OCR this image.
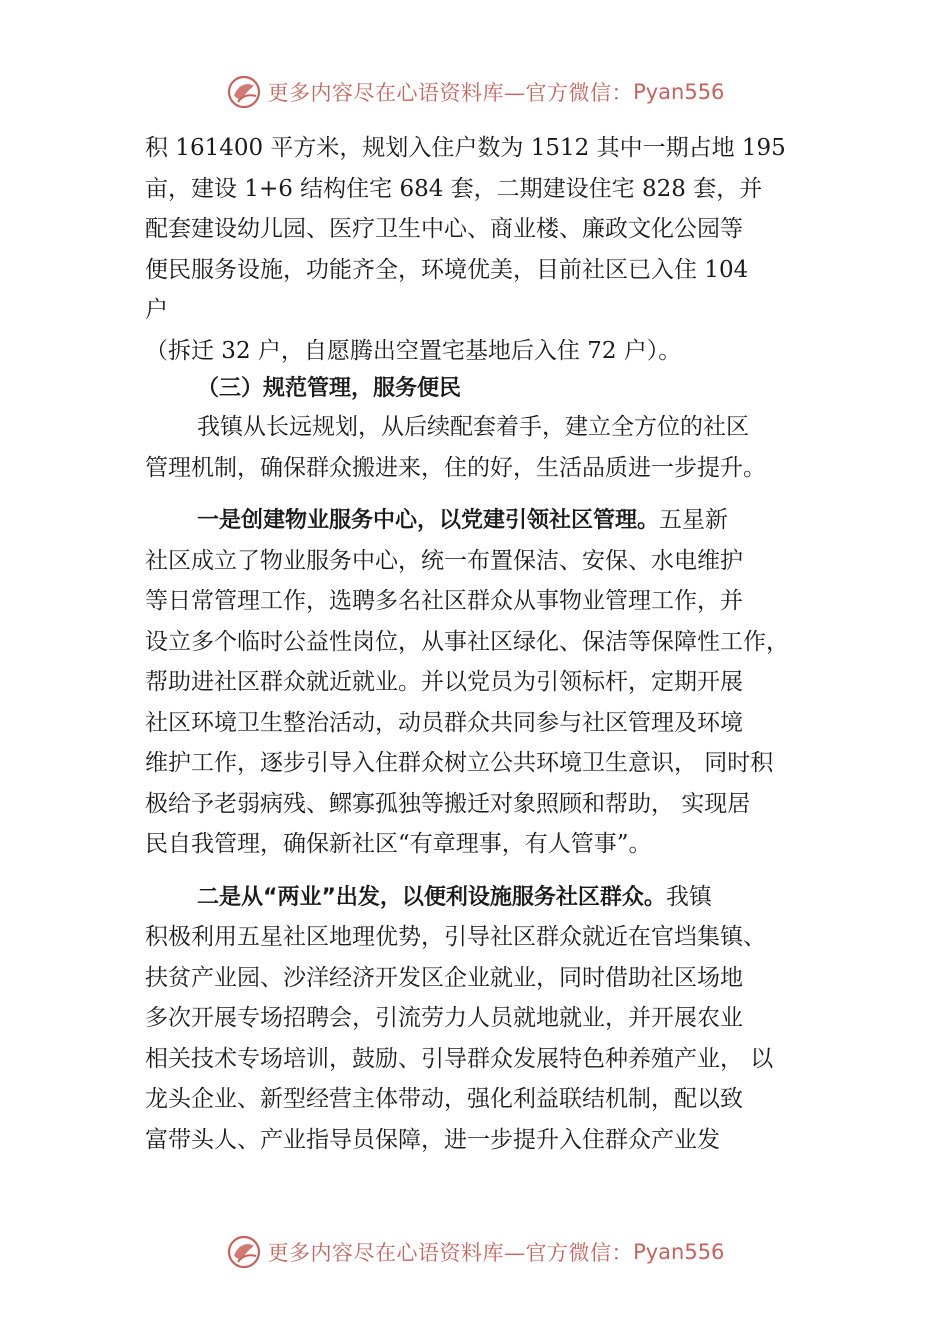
更多内容尽在心语资料库—官方微信： Pyan556
积 161400 平方米，规划入住户数为 1512 其中一期占地 195
亩，建设 1+6 结构住宅 684 套，二期建设住宅 828 套，并
配套建设幼儿园、医疗卫生中心、商业楼、廉政文化公园等
便民服务设施，功能齐全，环境优美，目前社区已入住 104
户
（拆迁 32 户，自愿腾出空置宅基地后入住 72 户）。
（三）规范管理，服务便民
我镇从长远规划，从后续配套着手，建立全方位的社区
管理机制，确保群众搬进来，住的好，生活品质进一步提升。
一是创建物业服务中心，以党建引领社区管理。五星新
社区成立了物业服务中心，统一布置保洁、安保、水电维护
等日常管理工作，选聘多名社区群众从事物业管理工作，并
设立多个临时公益性岗位，从事社区绿化、保洁等保障性工作，
帮助进社区群众就近就业。并以党员为引领标杆，定期开展
社区环境卫生整治活动，动员群众共同参与社区管理及环境
维护工作，逐步引导入住群众树立公共环境卫生意识， 同时积
极给予老弱病残、鳏寡孤独等搬迁对象照顾和帮助， 实现居
民自我管理，确保新社区“有章理事，有人管事”。
二是从“两业”出发，以便利设施服务社区群众。我镇
积极利用五星社区地理优势，引导社区群众就近在官垱集镇、
扶贫产业园、沙洋经济开发区企业就业，同时借助社区场地
多次开展专场招聘会，引流劳力人员就地就业，并开展农业
相关技术专场培训，鼓励、引导群众发展特色种养殖产业， 以
龙头企业、新型经营主体带动，强化利益联结机制，配以致
富带头人、产业指导员保障，进一步提升入住群众产业发
更多内容尽在心语资料库—官方微信： Pyan556
